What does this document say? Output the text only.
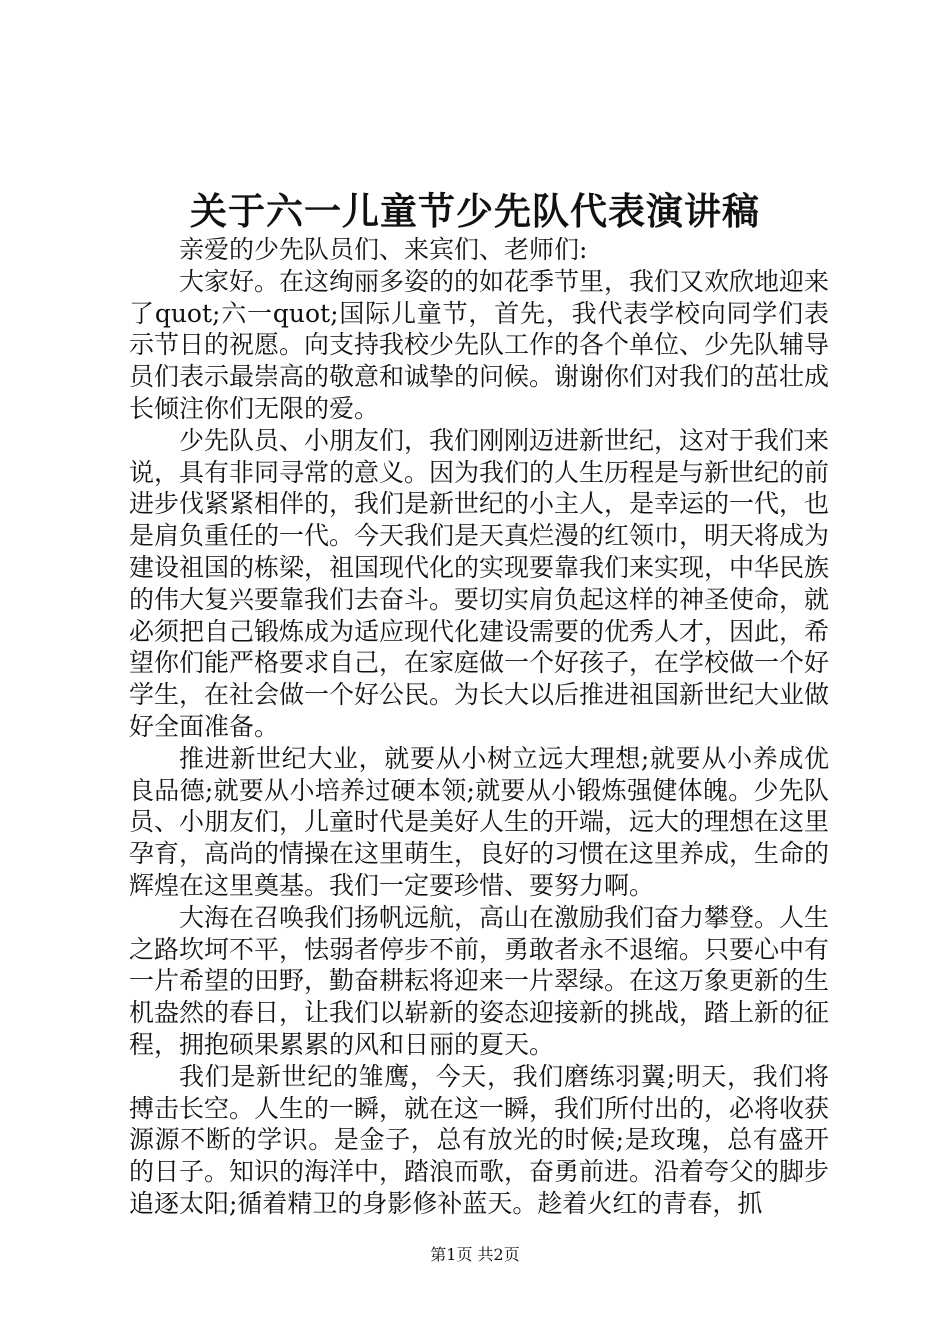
关于六一儿童节少先队代表演讲稿

亲爱的少先队员们、来宾们、老师们:

大家好。在这绚丽多姿的的如花季节里，我们又欢欣地迎来了quot;六一quot;国际儿童节，首先，我代表学校向同学们表示节日的祝愿。向支持我校少先队工作的各个单位、少先队辅导员们表示最崇高的敬意和诚挚的问候。谢谢你们对我们的茁壮成长倾注你们无限的爱。

少先队员、小朋友们，我们刚刚迈进新世纪，这对于我们来说，具有非同寻常的意义。因为我们的人生历程是与新世纪的前进步伐紧紧相伴的，我们是新世纪的小主人，是幸运的一代，也是肩负重任的一代。今天我们是天真烂漫的红领巾，明天将成为建设祖国的栋梁，祖国现代化的实现要靠我们来实现，中华民族的伟大复兴要靠我们去奋斗。要切实肩负起这样的神圣使命，就必须把自己锻炼成为适应现代化建设需要的优秀人才，因此，希望你们能严格要求自己，在家庭做一个好孩子，在学校做一个好学生，在社会做一个好公民。为长大以后推进祖国新世纪大业做好全面准备。

推进新世纪大业，就要从小树立远大理想;就要从小养成优良品德;就要从小培养过硬本领;就要从小锻炼强健体魄。少先队员、小朋友们，儿童时代是美好人生的开端，远大的理想在这里孕育，高尚的情操在这里萌生，良好的习惯在这里养成，生命的辉煌在这里奠基。我们一定要珍惜、要努力啊。

大海在召唤我们扬帆远航，高山在激励我们奋力攀登。人生之路坎坷不平，怯弱者停步不前，勇敢者永不退缩。只要心中有一片希望的田野，勤奋耕耘将迎来一片翠绿。在这万象更新的生机盎然的春日，让我们以崭新的姿态迎接新的挑战，踏上新的征程，拥抱硕果累累的风和日丽的夏天。

我们是新世纪的雏鹰，今天，我们磨练羽翼;明天，我们将搏击长空。人生的一瞬，就在这一瞬，我们所付出的，必将收获源源不断的学识。是金子，总有放光的时候;是玫瑰，总有盛开的日子。知识的海洋中，踏浪而歌，奋勇前进。沿着夸父的脚步追逐太阳;循着精卫的身影修补蓝天。趁着火红的青春，抓

第1页 共2页
